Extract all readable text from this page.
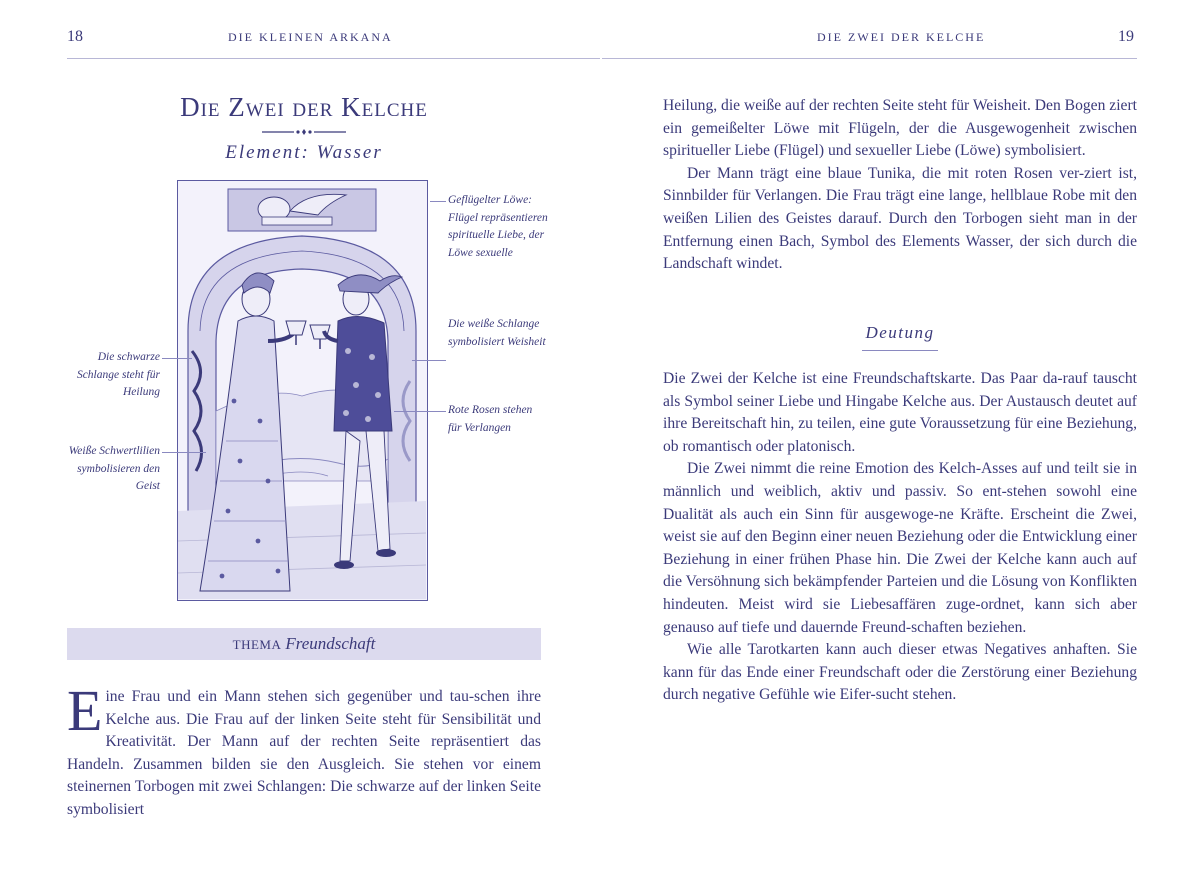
18	DIE KLEINEN ARKANA
Die Zwei der Kelche
Element: Wasser
Geflügelter Löwe: Flügel repräsentieren spirituelle Liebe, der Löwe sexuelle
Die weiße Schlange symbolisiert Weisheit
Rote Rosen stehen für Verlangen
Die schwarze Schlange steht für Heilung
Weiße Schwertlilien symbolisieren den Geist
THEMA Freundschaft

Eine Frau und ein Mann stehen sich gegenüber und tau-schen ihre Kelche aus. Die Frau auf der linken Seite steht für Sensibilität und Kreativität. Der Mann auf der rechten Seite repräsentiert das Handeln. Zusammen bilden sie den Ausgleich. Sie stehen vor einem steinernen Torbogen mit zwei Schlangen: Die schwarze auf der linken Seite symbolisiert

DIE ZWEI DER KELCHE	19

Heilung, die weiße auf der rechten Seite steht für Weisheit. Den Bogen ziert ein gemeißelter Löwe mit Flügeln, der die Ausgewogenheit zwischen spiritueller Liebe (Flügel) und sexueller Liebe (Löwe) symbolisiert.

Der Mann trägt eine blaue Tunika, die mit roten Rosen ver-ziert ist, Sinnbilder für Verlangen. Die Frau trägt eine lange, hellblaue Robe mit den weißen Lilien des Geistes darauf. Durch den Torbogen sieht man in der Entfernung einen Bach, Symbol des Elements Wasser, der sich durch die Landschaft windet.

Deutung

Die Zwei der Kelche ist eine Freundschaftskarte. Das Paar da-rauf tauscht als Symbol seiner Liebe und Hingabe Kelche aus. Der Austausch deutet auf ihre Bereitschaft hin, zu teilen, eine gute Voraussetzung für eine Beziehung, ob romantisch oder platonisch.

Die Zwei nimmt die reine Emotion des Kelch-Asses auf und teilt sie in männlich und weiblich, aktiv und passiv. So ent-stehen sowohl eine Dualität als auch ein Sinn für ausgewoge-ne Kräfte. Erscheint die Zwei, weist sie auf den Beginn einer neuen Beziehung oder die Entwicklung einer Beziehung in einer frühen Phase hin. Die Zwei der Kelche kann auch auf die Versöhnung sich bekämpfender Parteien und die Lösung von Konflikten hindeuten. Meist wird sie Liebesaffären zuge-ordnet, kann sich aber genauso auf tiefe und dauernde Freund-schaften beziehen.

Wie alle Tarotkarten kann auch dieser etwas Negatives anhaften. Sie kann für das Ende einer Freundschaft oder die Zerstörung einer Beziehung durch negative Gefühle wie Eifer-sucht stehen.
